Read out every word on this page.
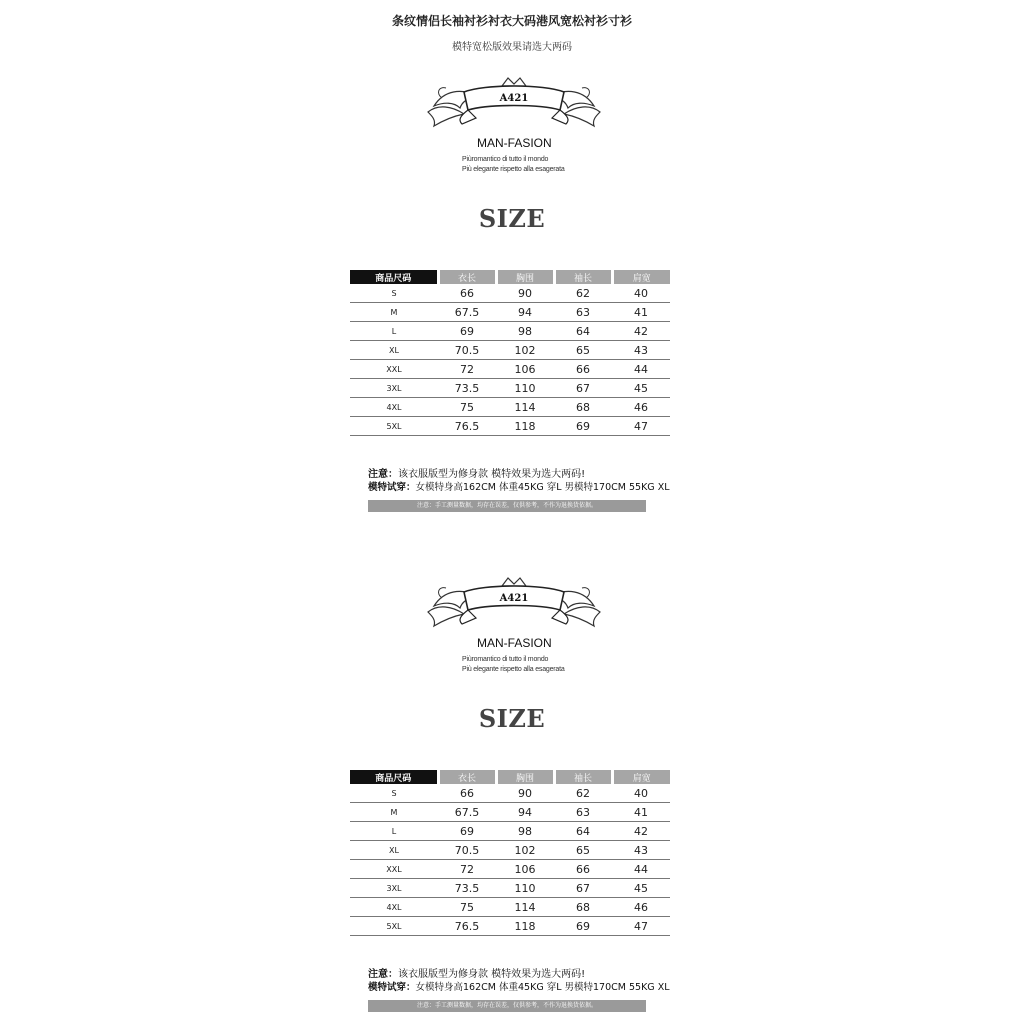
条纹情侣长袖衬衫衬衣大码港风宽松衬衫寸衫
模特宽松版效果请选大两码
A421
MAN-FASION
Piùromantico di tutto il mondo
Più elegante rispetto alla esagerata
SIZE
商品尺码	衣长	胸围	袖长	肩宽
S	66	90	62	40
M	67.5	94	63	41
L	69	98	64	42
XL	70.5	102	65	43
XXL	72	106	66	44
3XL	73.5	110	67	45
4XL	75	114	68	46
5XL	76.5	118	69	47
注意：该衣服版型为修身款 模特效果为选大两码!
模特试穿：女模特身高162CM 体重45KG 穿L 男模特170CM 55KG XL
注意：手工测量数据，均存在误差，仅供参考，不作为退换货依据。
A421
MAN-FASION
Piùromantico di tutto il mondo
Più elegante rispetto alla esagerata
SIZE
商品尺码	衣长	胸围	袖长	肩宽
S	66	90	62	40
M	67.5	94	63	41
L	69	98	64	42
XL	70.5	102	65	43
XXL	72	106	66	44
3XL	73.5	110	67	45
4XL	75	114	68	46
5XL	76.5	118	69	47
注意：该衣服版型为修身款 模特效果为选大两码!
模特试穿：女模特身高162CM 体重45KG 穿L 男模特170CM 55KG XL
注意：手工测量数据，均存在误差，仅供参考，不作为退换货依据。
